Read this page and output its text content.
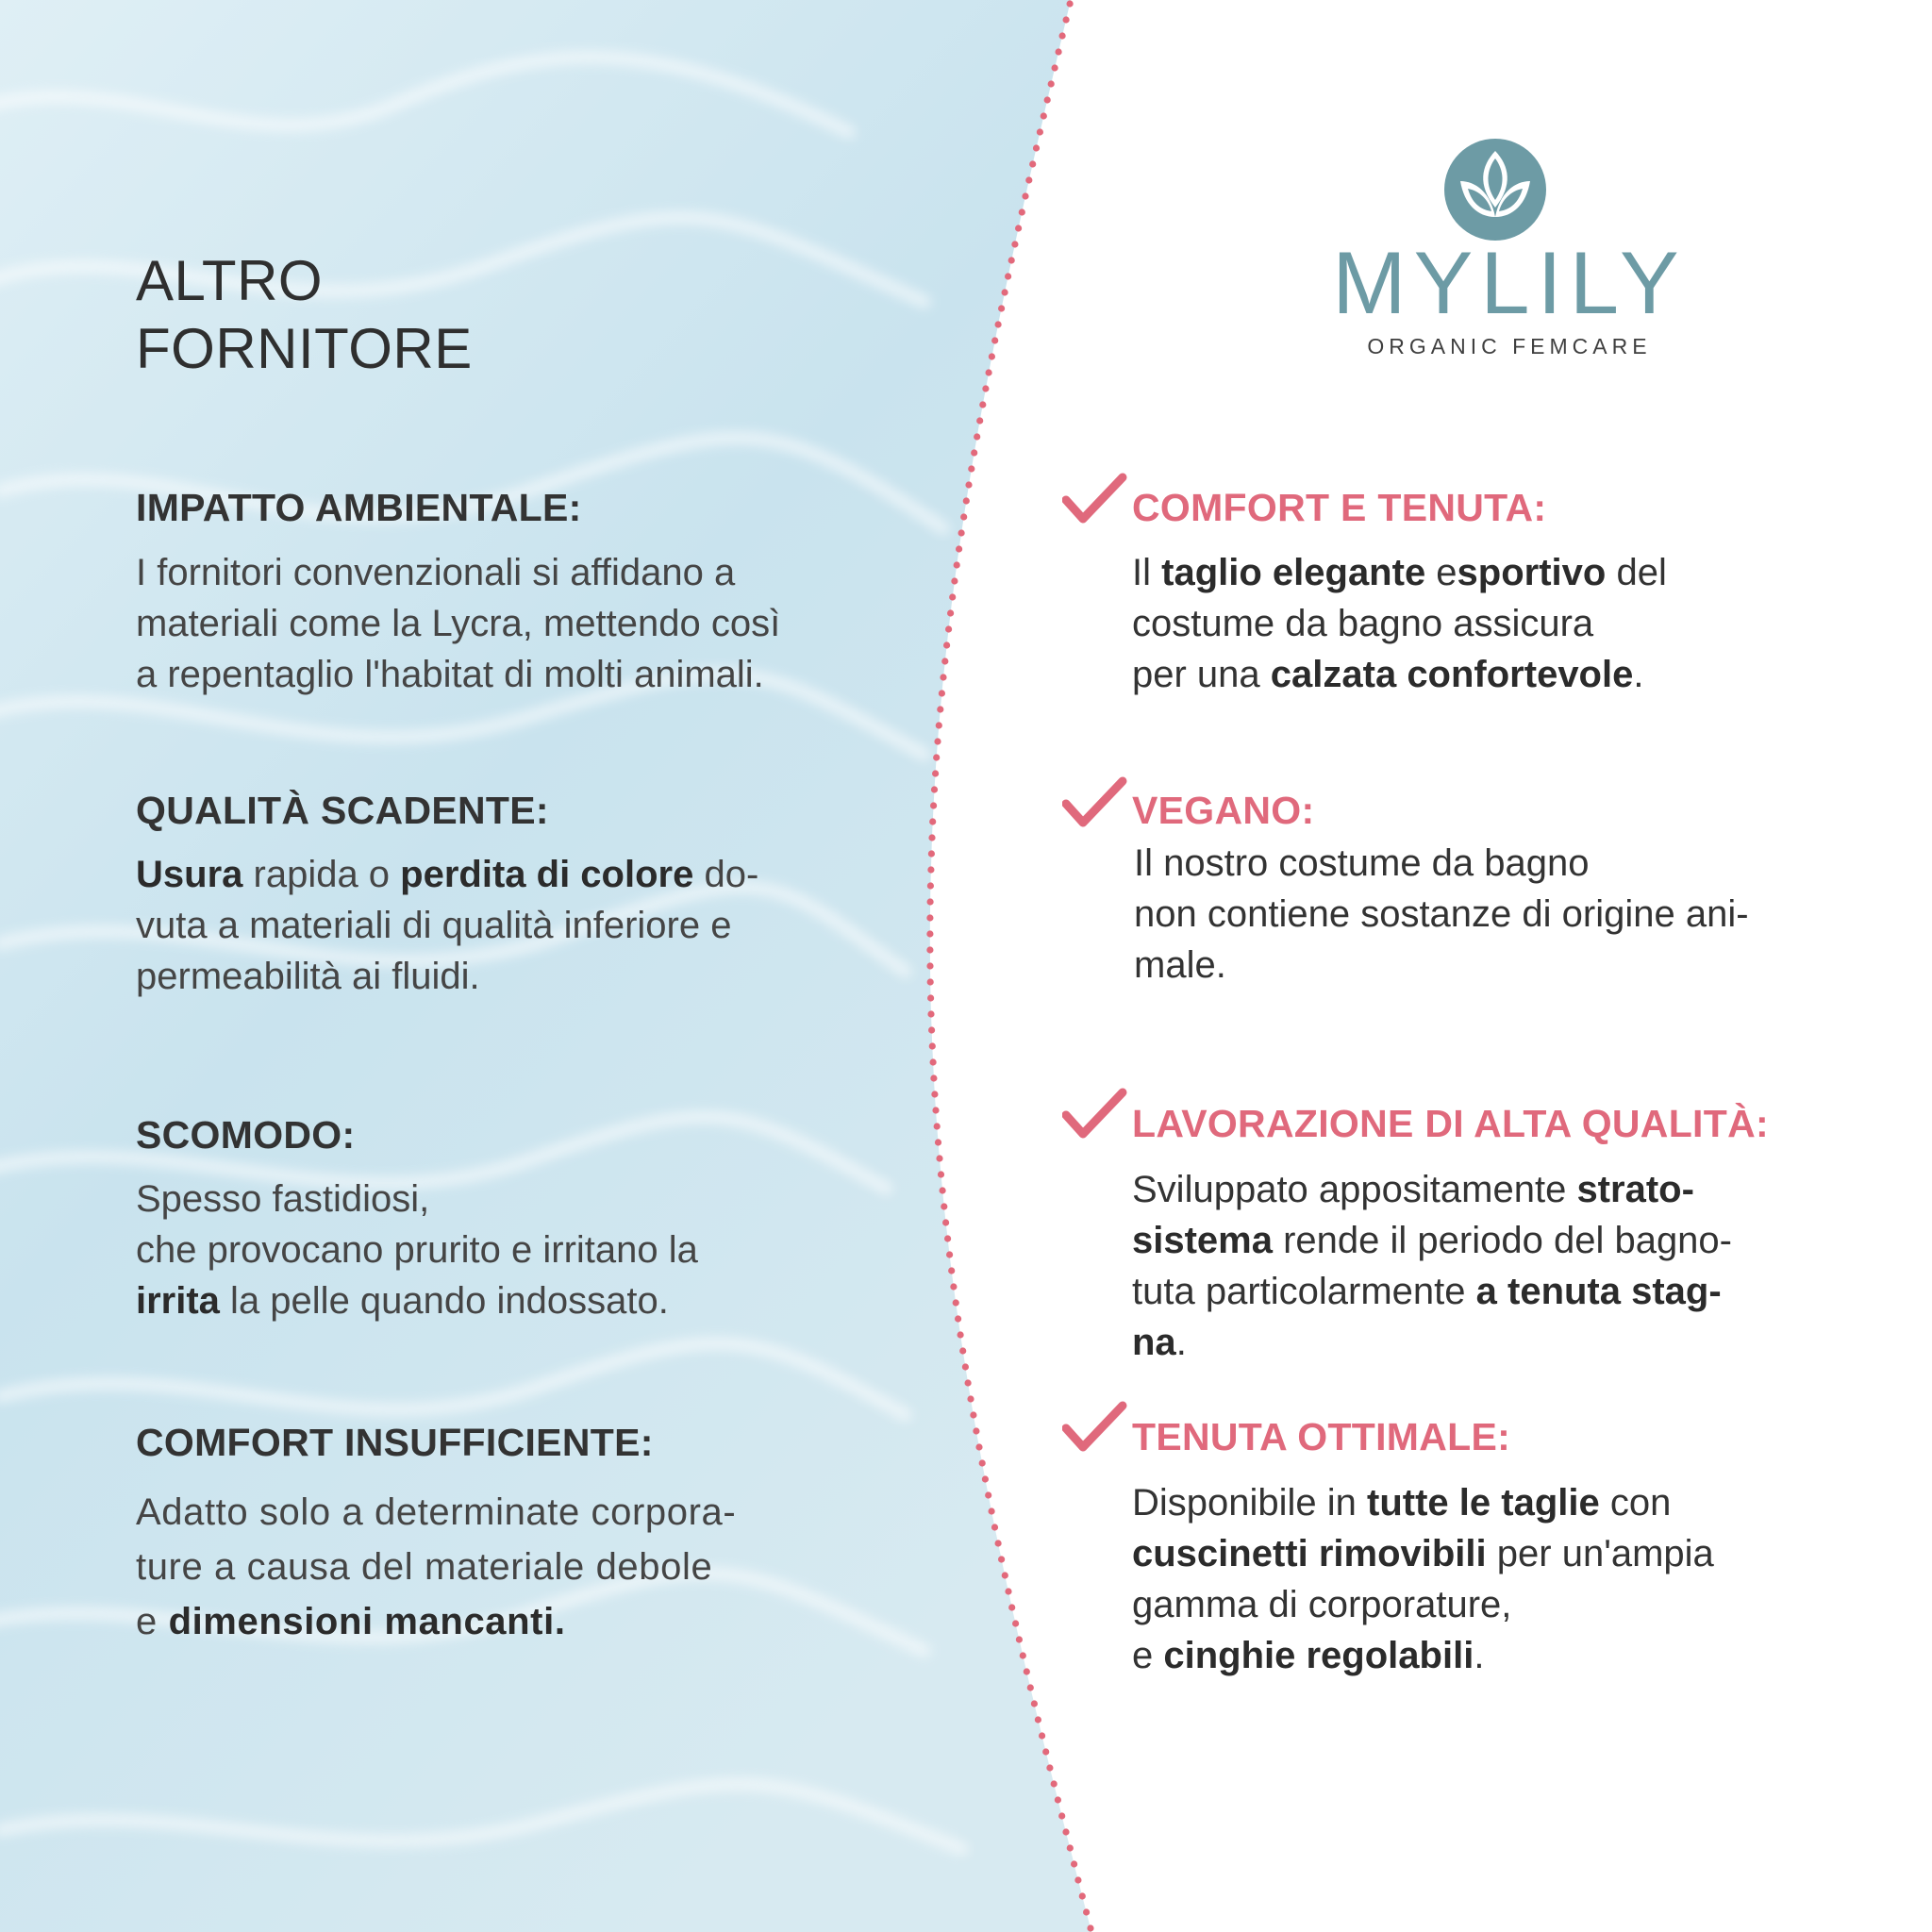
ALTRO
FORNITORE
IMPATTO AMBIENTALE:
I fornitori convenzionali si affidano a
materiali come la Lycra, mettendo così
a repentaglio l'habitat di molti animali.
QUALITÀ SCADENTE:
Usura rapida o perdita di colore do-
vuta a materiali di qualità inferiore e
permeabilità ai fluidi.
SCOMODO:
Spesso fastidiosi,
che provocano prurito e irritano la
irrita la pelle quando indossato.
COMFORT INSUFFICIENTE:
Adatto solo a determinate corpora-
ture a causa del materiale debole
e dimensioni mancanti.
MYLILY
ORGANIC FEMCARE
COMFORT E TENUTA:
Il taglio elegante esportivo del
costume da bagno assicura
per una calzata confortevole.
VEGANO:
Il nostro costume da bagno
non contiene sostanze di origine ani-
male.
LAVORAZIONE DI ALTA QUALITÀ:
Sviluppato appositamente strato-
sistema rende il periodo del bagno-
tuta particolarmente a tenuta stag-
na.
TENUTA OTTIMALE:
Disponibile in tutte le taglie con
cuscinetti rimovibili per un'ampia
gamma di corporature,
e cinghie regolabili.
